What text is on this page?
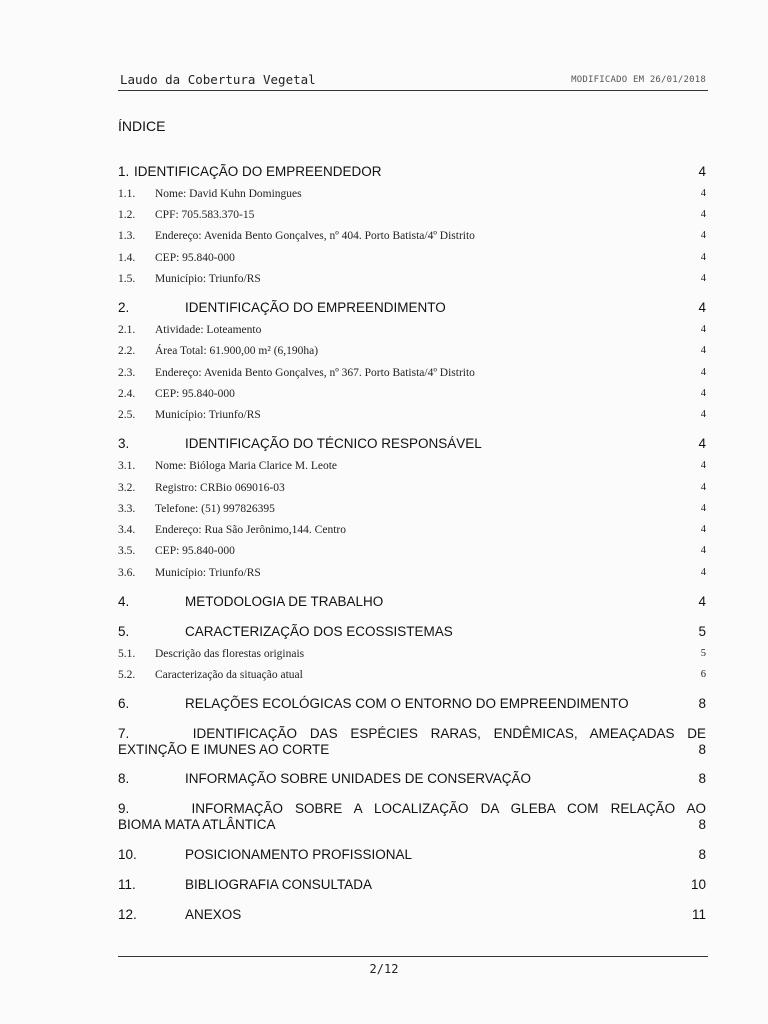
Laudo da Cobertura Vegetal	MODIFICADO EM 26/01/2018
ÍNDICE
1. IDENTIFICAÇÃO DO EMPREENDEDOR	4
1.1. Nome: David Kuhn Domingues	4
1.2. CPF: 705.583.370-15	4
1.3. Endereço: Avenida Bento Gonçalves, nº 404. Porto Batista/4º Distrito	4
1.4. CEP: 95.840-000	4
1.5. Município: Triunfo/RS	4
2.	IDENTIFICAÇÃO DO EMPREENDIMENTO	4
2.1. Atividade: Loteamento	4
2.2. Área Total: 61.900,00 m² (6,190ha)	4
2.3. Endereço: Avenida Bento Gonçalves, nº 367. Porto Batista/4º Distrito	4
2.4. CEP: 95.840-000	4
2.5. Município: Triunfo/RS	4
3.	IDENTIFICAÇÃO DO TÉCNICO RESPONSÁVEL	4
3.1. Nome: Bióloga Maria Clarice M. Leote	4
3.2. Registro: CRBio 069016-03	4
3.3. Telefone: (51) 997826395	4
3.4. Endereço: Rua São Jerônimo,144. Centro	4
3.5. CEP: 95.840-000	4
3.6. Município: Triunfo/RS	4
4.	METODOLOGIA DE TRABALHO	4
5.	CARACTERIZAÇÃO DOS ECOSSISTEMAS	5
5.1. Descrição das florestas originais	5
5.2. Caracterização da situação atual	6
6.	RELAÇÕES ECOLÓGICAS COM O ENTORNO DO EMPREENDIMENTO	8
7.	IDENTIFICAÇÃO DAS ESPÉCIES RARAS, ENDÊMICAS, AMEAÇADAS DE
EXTINÇÃO E IMUNES AO CORTE	8
8.	INFORMAÇÃO SOBRE UNIDADES DE CONSERVAÇÃO	8
9.	INFORMAÇÃO SOBRE A LOCALIZAÇÃO DA GLEBA COM RELAÇÃO AO
BIOMA MATA ATLÂNTICA	8
10.	POSICIONAMENTO PROFISSIONAL	8
11.	BIBLIOGRAFIA CONSULTADA	10
12.	ANEXOS	11
2/12
